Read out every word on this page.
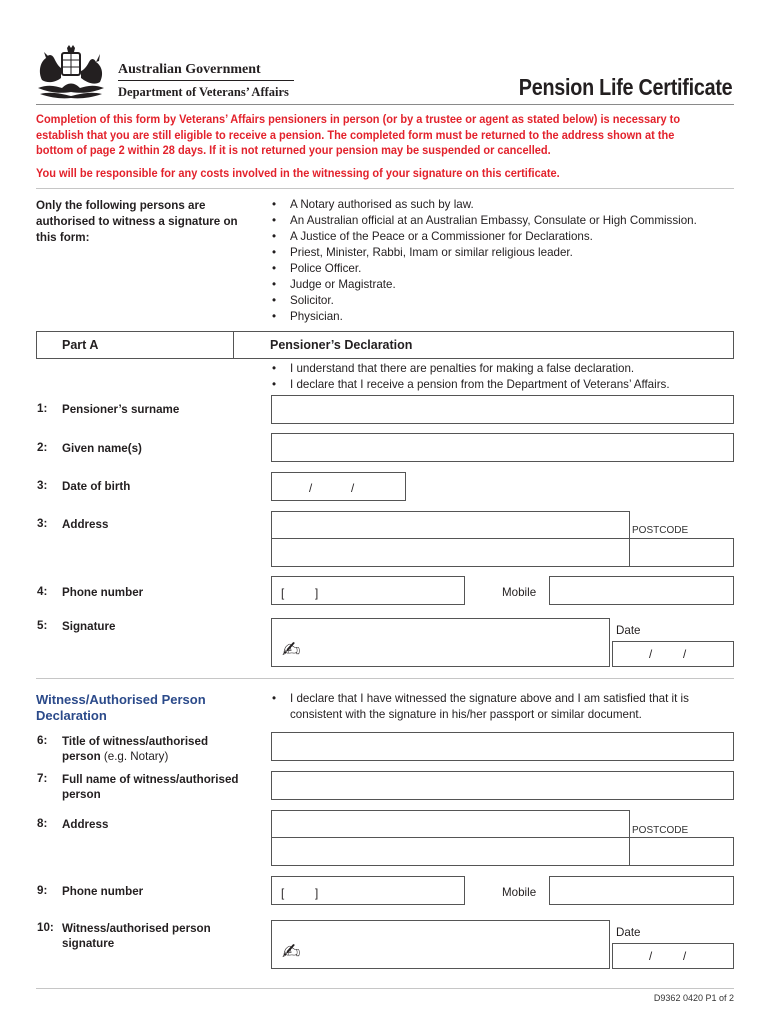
Australian Government
Department of Veterans’ Affairs	Pension Life Certificate
Completion of this form by Veterans’ Affairs pensioners in person (or by a trustee or agent as stated below) is necessary to establish that you are still eligible to receive a pension. The completed form must be returned to the address shown at the bottom of page 2 within 28 days. If it is not returned your pension may be suspended or cancelled.
You will be responsible for any costs involved in the witnessing of your signature on this certificate.
Only the following persons are authorised to witness a signature on this form:
• A Notary authorised as such by law.
• An Australian official at an Australian Embassy, Consulate or High Commission.
• A Justice of the Peace or a Commissioner for Declarations.
• Priest, Minister, Rabbi, Imam or similar religious leader.
• Police Officer.
• Judge or Magistrate.
• Solicitor.
• Physician.
Part A	Pensioner’s Declaration
• I understand that there are penalties for making a false declaration.
• I declare that I receive a pension from the Department of Veterans’ Affairs.
1: Pensioner’s surname
2: Given name(s)
3: Date of birth	/	/
3: Address	POSTCODE
4: Phone number	[	]	Mobile
5: Signature
✍
Date
/	/
Witness/Authorised Person
Declaration
• I declare that I have witnessed the signature above and I am satisfied that it is consistent with the signature in his/her passport or similar document.
6: Title of witness/authorised
person (e.g. Notary)
7: Full name of witness/authorised
person
8: Address	POSTCODE
9: Phone number	[	]	Mobile
10: Witness/authorised person
signature	✍
Date
/	/
D9362 0420 P1 of 2
